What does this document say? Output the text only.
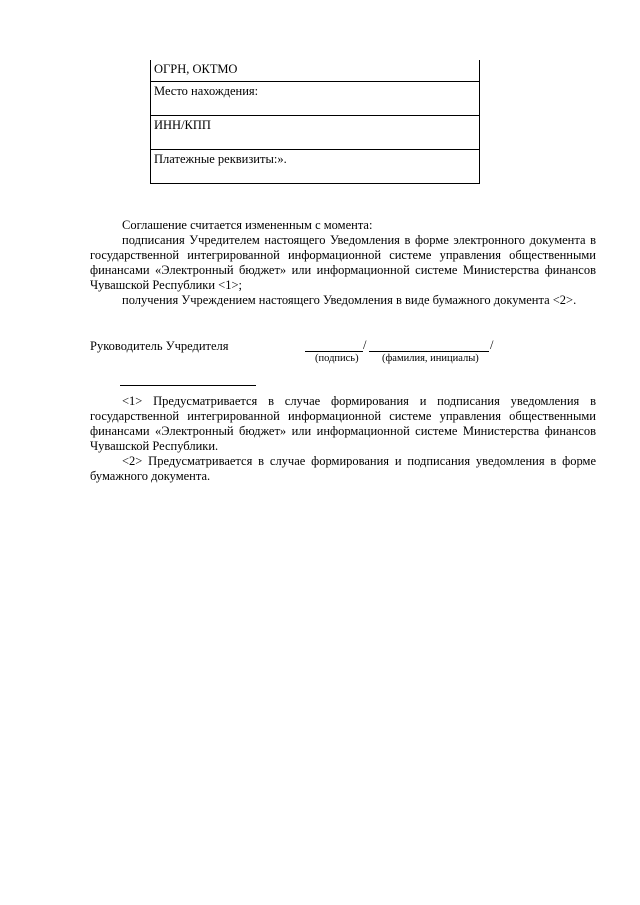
ОГРН, ОКТМО
Место нахождения:
ИНН/КПП
Платежные реквизиты:».

Соглашение считается измененным с момента:

подписания Учредителем настоящего Уведомления в форме электронного документа в государственной интегрированной информационной системе управления общественными финансами «Электронный бюджет» или информационной системе Министерства финансов Чувашской Республики <1>;

получения Учреждением настоящего Уведомления в виде бумажного документа <2>.

Руководитель Учредителя	/	/
(подпись) (фамилия, инициалы)

<1> Предусматривается в случае формирования и подписания уведомления в государственной интегрированной информационной системе управления общественными финансами «Электронный бюджет» или информационной системе Министерства финансов Чувашской Республики.

<2> Предусматривается в случае формирования и подписания уведомления в форме бумажного документа.
